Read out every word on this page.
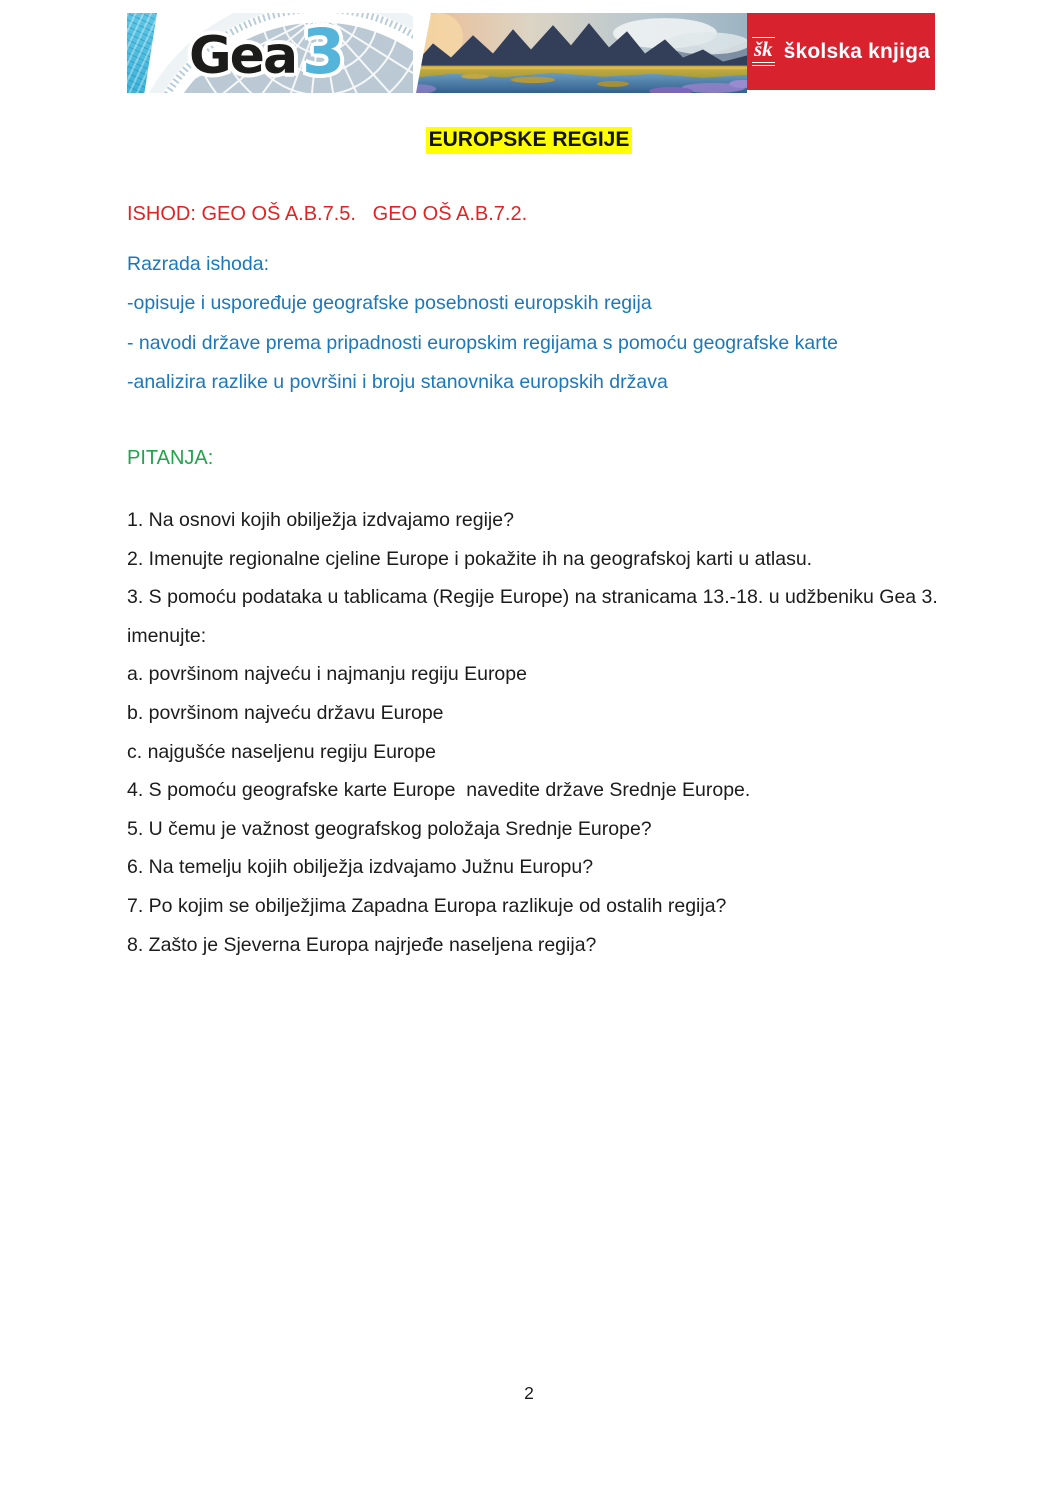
Gea3	šk školska knjiga
EUROPSKE REGIJE

ISHOD: GEO OŠ A.B.7.5.   GEO OŠ A.B.7.2.

Razrada ishoda:

-opisuje i uspoređuje geografske posebnosti europskih regija

- navodi države prema pripadnosti europskim regijama s pomoću geografske karte

-analizira razlike u površini i broju stanovnika europskih država

PITANJA:

1. Na osnovi kojih obilježja izdvajamo regije?

2. Imenujte regionalne cjeline Europe i pokažite ih na geografskoj karti u atlasu.

3. S pomoću podataka u tablicama (Regije Europe) na stranicama 13.-18. u udžbeniku Gea 3. imenujte:

a. površinom najveću i najmanju regiju Europe

b. površinom najveću državu Europe

c. najgušće naseljenu regiju Europe

4. S pomoću geografske karte Europe  navedite države Srednje Europe.

5. U čemu je važnost geografskog položaja Srednje Europe?

6. Na temelju kojih obilježja izdvajamo Južnu Europu?

7. Po kojim se obilježjima Zapadna Europa razlikuje od ostalih regija?

8. Zašto je Sjeverna Europa najrjeđe naseljena regija?

2
